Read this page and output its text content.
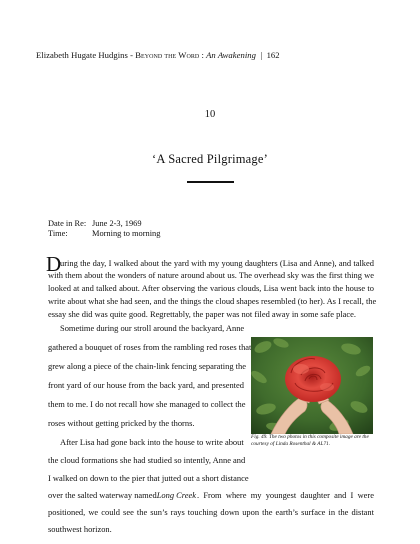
Elizabeth Hugate Hudgins - Beyond the Word : An Awakening  |  162
10
‘A Sacred Pilgrimage’
Date in Re: June 2-3, 1969
Time:	Morning to morning
D
uring the day, I walked about the yard with my young daughters (Lisa and Anne), and talked
with them about the wonders of nature around about us. The overhead sky was the first thing we
looked at and talked about. After observing the various clouds, Lisa went back into the house to
write about what she had seen, and the things the cloud shapes resembled (to her). As I recall, the
essay she did was quite good. Regrettably, the paper was not filed away in some safe place.
Sometime during our stroll around the backyard, Anne
gathered a bouquet of roses from the rambling red roses that
grew along a piece of the chain-link fencing separating the
front yard of our house from the back yard, and presented
them to me. I do not recall how she managed to collect the
roses without getting pricked by the thorns.
After Lisa had gone back into the house to write about
the cloud formations she had studied so intently, Anne and
I walked on down to the pier that jutted out a short distance
over the salted waterway named Long Creek . From where my youngest daughter and I were
positioned, we could see the sun’s rays touching down upon the earth’s surface in the distant
southwest horizon.
Fig. 49. The two photos in this composite image are the courtesy of Linda Rosenthal & AL71.
